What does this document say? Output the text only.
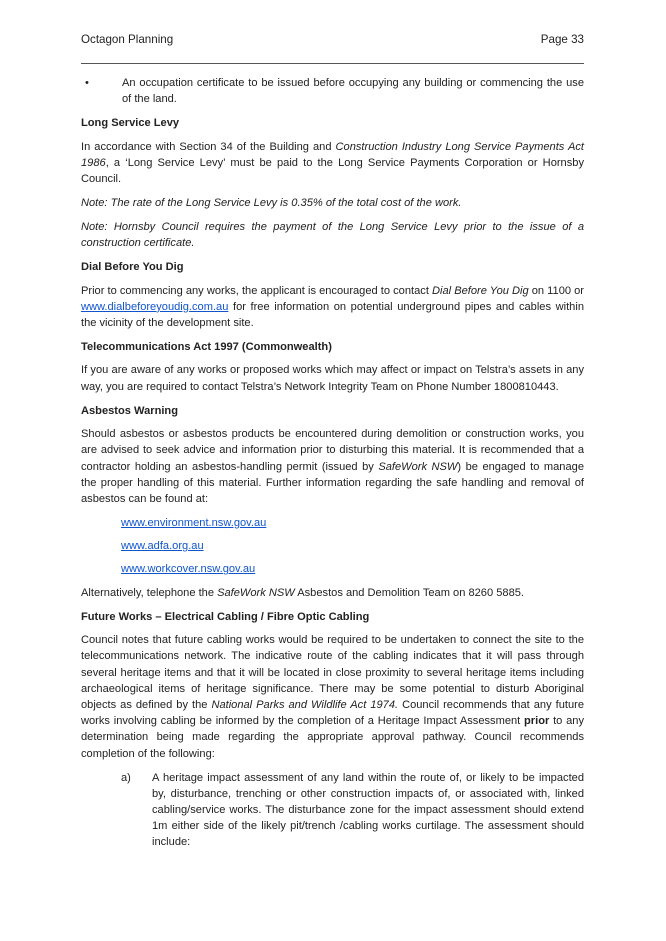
Octagon Planning	Page 33
•	An occupation certificate to be issued before occupying any building or commencing the use of the land.
Long Service Levy

In accordance with Section 34 of the Building and Construction Industry Long Service Payments Act 1986, a ‘Long Service Levy’ must be paid to the Long Service Payments Corporation or Hornsby Council.

Note: The rate of the Long Service Levy is 0.35% of the total cost of the work.

Note: Hornsby Council requires the payment of the Long Service Levy prior to the issue of a construction certificate.

Dial Before You Dig

Prior to commencing any works, the applicant is encouraged to contact Dial Before You Dig on 1100 or www.dialbeforeyoudig.com.au for free information on potential underground pipes and cables within the vicinity of the development site.

Telecommunications Act 1997 (Commonwealth)

If you are aware of any works or proposed works which may affect or impact on Telstra’s assets in any way, you are required to contact Telstra’s Network Integrity Team on Phone Number 1800810443.

Asbestos Warning

Should asbestos or asbestos products be encountered during demolition or construction works, you are advised to seek advice and information prior to disturbing this material. It is recommended that a contractor holding an asbestos-handling permit (issued by SafeWork NSW) be engaged to manage the proper handling of this material. Further information regarding the safe handling and removal of asbestos can be found at:

www.environment.nsw.gov.au
www.adfa.org.au
www.workcover.nsw.gov.au

Alternatively, telephone the SafeWork NSW Asbestos and Demolition Team on 8260 5885.

Future Works – Electrical Cabling / Fibre Optic Cabling

Council notes that future cabling works would be required to be undertaken to connect the site to the telecommunications network. The indicative route of the cabling indicates that it will pass through several heritage items and that it will be located in close proximity to several heritage items including archaeological items of heritage significance. There may be some potential to disturb Aboriginal objects as defined by the National Parks and Wildlife Act 1974. Council recommends that any future works involving cabling be informed by the completion of a Heritage Impact Assessment prior to any determination being made regarding the appropriate approval pathway. Council recommends completion of the following:

a) A heritage impact assessment of any land within the route of, or likely to be impacted by, disturbance, trenching or other construction impacts of, or associated with, linked cabling/service works. The disturbance zone for the impact assessment should extend 1m either side of the likely pit/trench /cabling works curtilage. The assessment should include:
